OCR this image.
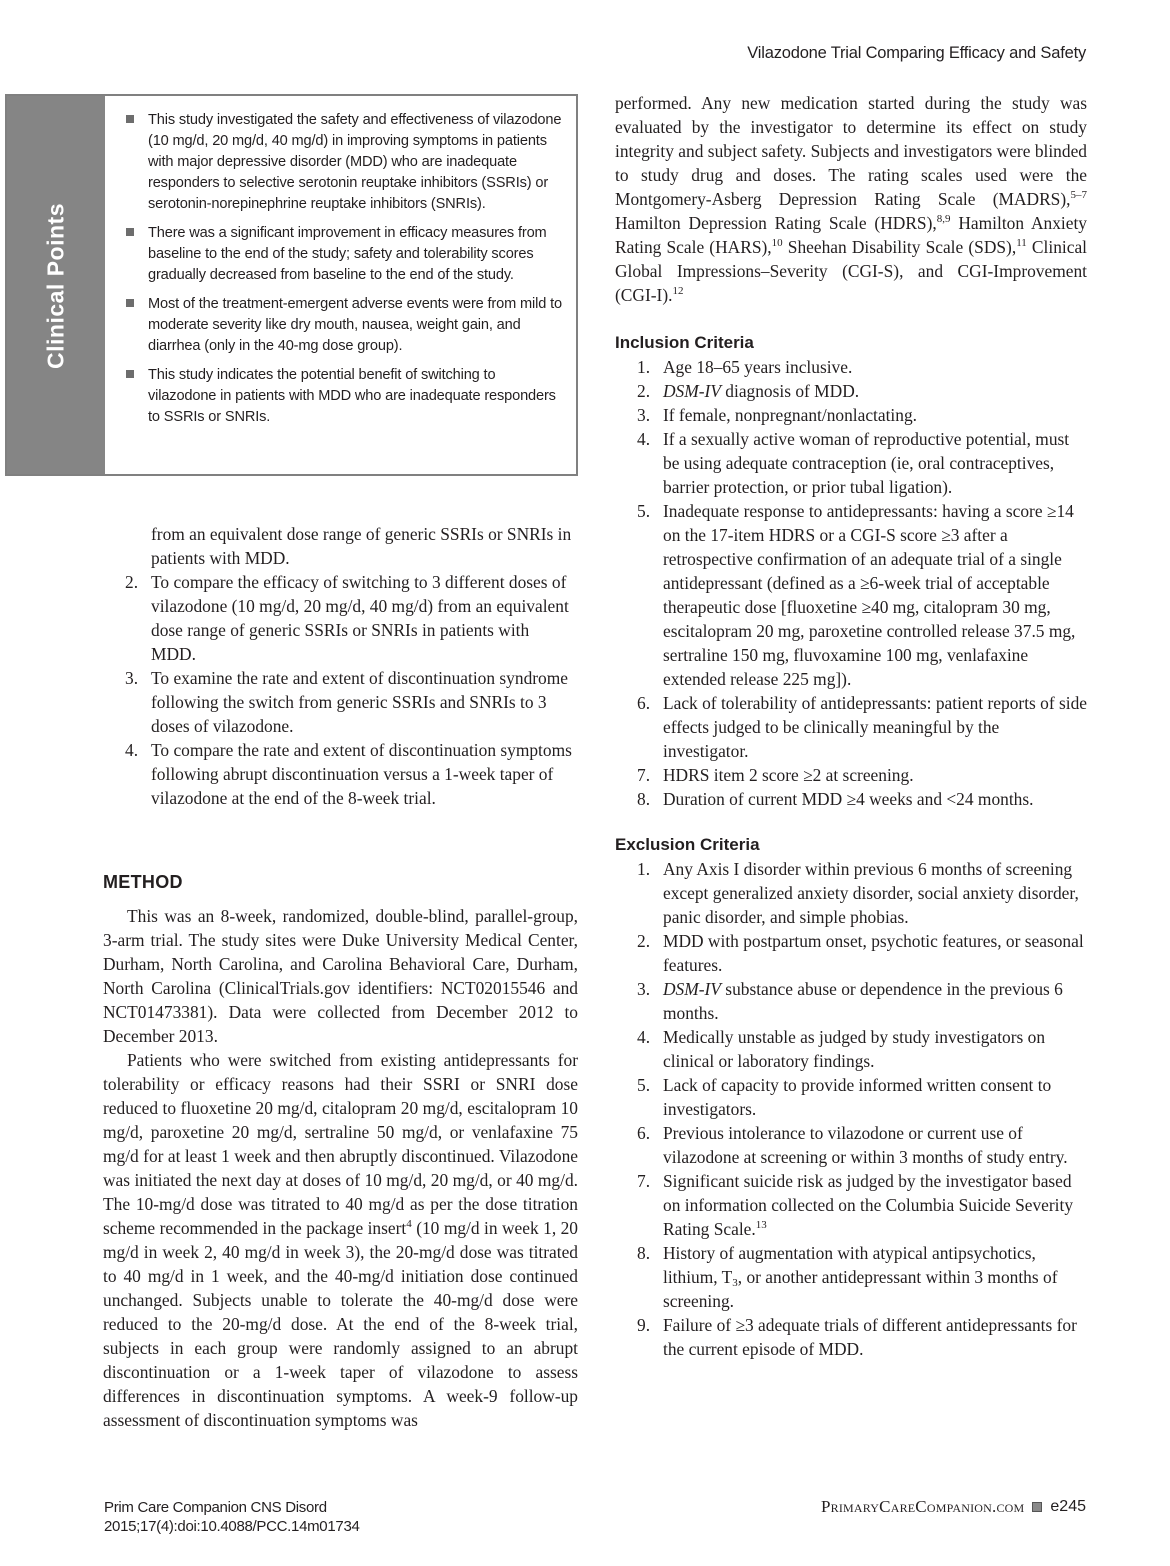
Vilazodone Trial Comparing Efficacy and Safety
Clinical Points
This study investigated the safety and effectiveness of vilazodone (10 mg/d, 20 mg/d, 40 mg/d) in improving symptoms in patients with major depressive disorder (MDD) who are inadequate responders to selective serotonin reuptake inhibitors (SSRIs) or serotonin-norepinephrine reuptake inhibitors (SNRIs).
There was a significant improvement in efficacy measures from baseline to the end of the study; safety and tolerability scores gradually decreased from baseline to the end of the study.
Most of the treatment-emergent adverse events were from mild to moderate severity like dry mouth, nausea, weight gain, and diarrhea (only in the 40-mg dose group).
This study indicates the potential benefit of switching to vilazodone in patients with MDD who are inadequate responders to SSRIs or SNRIs.
from an equivalent dose range of generic SSRIs or SNRIs in patients with MDD.
2. To compare the efficacy of switching to 3 different doses of vilazodone (10 mg/d, 20 mg/d, 40 mg/d) from an equivalent dose range of generic SSRIs or SNRIs in patients with MDD.
3. To examine the rate and extent of discontinuation syndrome following the switch from generic SSRIs and SNRIs to 3 doses of vilazodone.
4. To compare the rate and extent of discontinuation symptoms following abrupt discontinuation versus a 1-week taper of vilazodone at the end of the 8-week trial.
METHOD

This was an 8-week, randomized, double-blind, parallel-group, 3-arm trial. The study sites were Duke University Medical Center, Durham, North Carolina, and Carolina Behavioral Care, Durham, North Carolina (ClinicalTrials.gov identifiers: NCT02015546 and NCT01473381). Data were collected from December 2012 to December 2013.

Patients who were switched from existing antidepressants for tolerability or efficacy reasons had their SSRI or SNRI dose reduced to fluoxetine 20 mg/d, citalopram 20 mg/d, escitalopram 10 mg/d, paroxetine 20 mg/d, sertraline 50 mg/d, or venlafaxine 75 mg/d for at least 1 week and then abruptly discontinued. Vilazodone was initiated the next day at doses of 10 mg/d, 20 mg/d, or 40 mg/d. The 10-mg/d dose was titrated to 40 mg/d as per the dose titration scheme recommended in the package insert$^4$ (10 mg/d in week 1, 20 mg/d in week 2, 40 mg/d in week 3), the 20-mg/d dose was titrated to 40 mg/d in 1 week, and the 40-mg/d initiation dose continued unchanged. Subjects unable to tolerate the 40-mg/d dose were reduced to the 20-mg/d dose. At the end of the 8-week trial, subjects in each group were randomly assigned to an abrupt discontinuation or a 1-week taper of vilazodone to assess differences in discontinuation symptoms. A week-9 follow-up assessment of discontinuation symptoms was

performed. Any new medication started during the study was evaluated by the investigator to determine its effect on study integrity and subject safety. Subjects and investigators were blinded to study drug and doses. The rating scales used were the Montgomery-Asberg Depression Rating Scale (MADRS),$^{5-7}$ Hamilton Depression Rating Scale (HDRS),$^{8,9}$ Hamilton Anxiety Rating Scale (HARS),$^{10}$ Sheehan Disability Scale (SDS),$^{11}$ Clinical Global Impressions–Severity (CGI-S), and CGI-Improvement (CGI-I).$^{12}$

Inclusion Criteria
1. Age 18–65 years inclusive.
2. DSM-IV diagnosis of MDD.
3. If female, nonpregnant/nonlactating.
4. If a sexually active woman of reproductive potential, must be using adequate contraception (ie, oral contraceptives, barrier protection, or prior tubal ligation).
5. Inadequate response to antidepressants: having a score ≥14 on the 17-item HDRS or a CGI-S score ≥3 after a retrospective confirmation of an adequate trial of a single antidepressant (defined as a ≥6-week trial of acceptable therapeutic dose [fluoxetine ≥40 mg, citalopram 30 mg, escitalopram 20 mg, paroxetine controlled release 37.5 mg, sertraline 150 mg, fluvoxamine 100 mg, venlafaxine extended release 225 mg]).
6. Lack of tolerability of antidepressants: patient reports of side effects judged to be clinically meaningful by the investigator.
7. HDRS item 2 score ≥2 at screening.
8. Duration of current MDD ≥4 weeks and <24 months.
Exclusion Criteria
1. Any Axis I disorder within previous 6 months of screening except generalized anxiety disorder, social anxiety disorder, panic disorder, and simple phobias.
2. MDD with postpartum onset, psychotic features, or seasonal features.
3. DSM-IV substance abuse or dependence in the previous 6 months.
4. Medically unstable as judged by study investigators on clinical or laboratory findings.
5. Lack of capacity to provide informed written consent to investigators.
6. Previous intolerance to vilazodone or current use of vilazodone at screening or within 3 months of study entry.
7. Significant suicide risk as judged by the investigator based on information collected on the Columbia Suicide Severity Rating Scale.$^{13}$
8. History of augmentation with atypical antipsychotics, lithium, $T_3$, or another antidepressant within 3 months of screening.
9. Failure of ≥3 adequate trials of different antidepressants for the current episode of MDD.
Prim Care Companion CNS Disord
2015;17(4):doi:10.4088/PCC.14m01734
PrimaryCareCompanion.com e245
